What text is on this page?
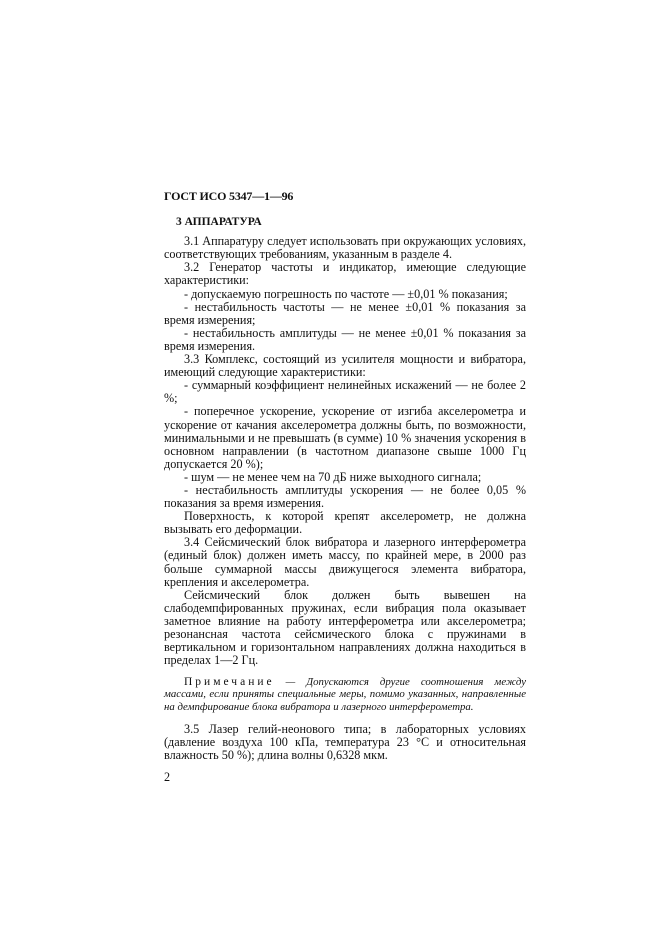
ГОСТ ИСО 5347—1—96
3 АППАРАТУРА

3.1 Аппаратуру следует использовать при окружающих условиях, соответствующих требованиям, указанным в разделе 4.

3.2 Генератор частоты и индикатор, имеющие следующие характеристики:

- допускаемую погрешность по частоте — ±0,01 % показания;

- нестабильность частоты — не менее ±0,01 % показания за время измерения;

- нестабильность амплитуды — не менее ±0,01 % показания за время измерения.

3.3 Комплекс, состоящий из усилителя мощности и вибратора, имеющий следующие характеристики:

- суммарный коэффициент нелинейных искажений — не более 2 %;

- поперечное ускорение, ускорение от изгиба акселерометра и ускорение от качания акселерометра должны быть, по возможности, минимальными и не превышать (в сумме) 10 % значения ускорения в основном направлении (в частотном диапазоне свыше 1000 Гц допускается 20 %);

- шум — не менее чем на 70 дБ ниже выходного сигнала;

- нестабильность амплитуды ускорения — не более 0,05 % показания за время измерения.

Поверхность, к которой крепят акселерометр, не должна вызывать его деформации.

3.4 Сейсмический блок вибратора и лазерного интерферометра (единый блок) должен иметь массу, по крайней мере, в 2000 раз больше суммарной массы движущегося элемента вибратора, крепления и акселерометра.

Сейсмический блок должен быть вывешен на слабодемпфированных пружинах, если вибрация пола оказывает заметное влияние на работу интерферометра или акселерометра; резонансная частота сейсмического блока с пружинами в вертикальном и горизонтальном направлениях должна находиться в пределах 1—2 Гц.

Примечание — Допускаются другие соотношения между массами, если приняты специальные меры, помимо указанных, направленные на демпфирование блока вибратора и лазерного интерферометра.

3.5 Лазер гелий-неонового типа; в лабораторных условиях (давление воздуха 100 кПа, температура 23 °С и относительная влажность 50 %); длина волны 0,6328 мкм.

2
